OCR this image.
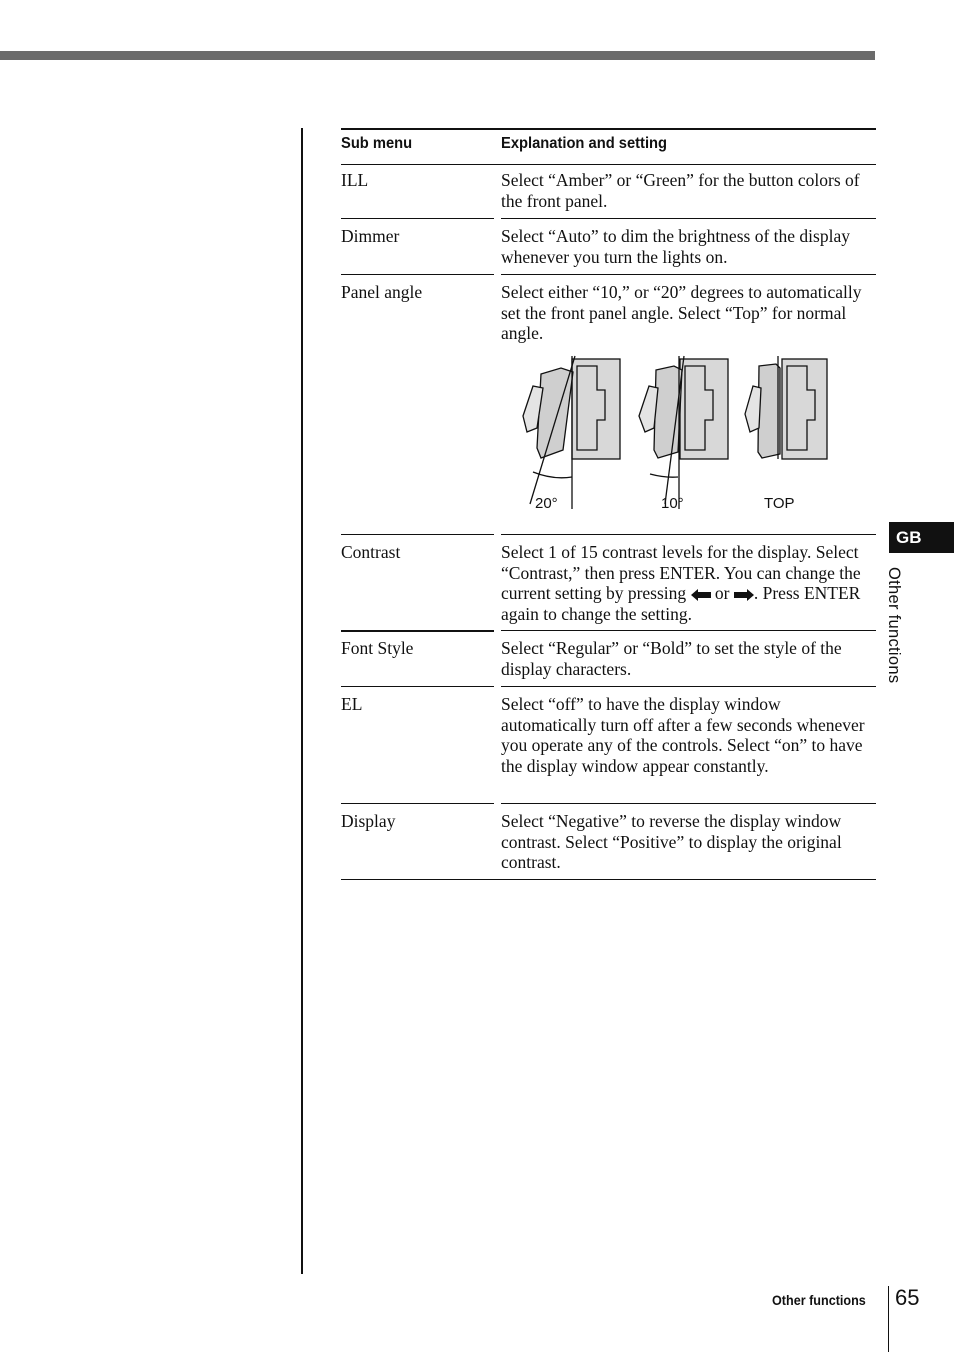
Sub menu	Explanation and setting
ILL	Select “Amber” or “Green” for the button colors of the front panel.
Dimmer	Select “Auto” to dim the brightness of the display whenever you turn the lights on.
Panel angle	Select either “10,” or “20” degrees to automatically set the front panel angle. Select “Top” for normal angle.
20°	10°	TOP
Contrast	Select 1 of 15 contrast levels for the display. Select “Contrast,” then press ENTER. You can change the current setting by pressing or . Press ENTER again to change the setting.
Font Style	Select “Regular” or “Bold” to set the style of the display characters.
EL	Select “off” to have the display window automatically turn off after a few seconds whenever you operate any of the controls. Select “on” to have the display window appear constantly.
Display	Select “Negative” to reverse the display window contrast. Select “Positive” to display the original contrast.
GB
Other functions
Other functions 65
